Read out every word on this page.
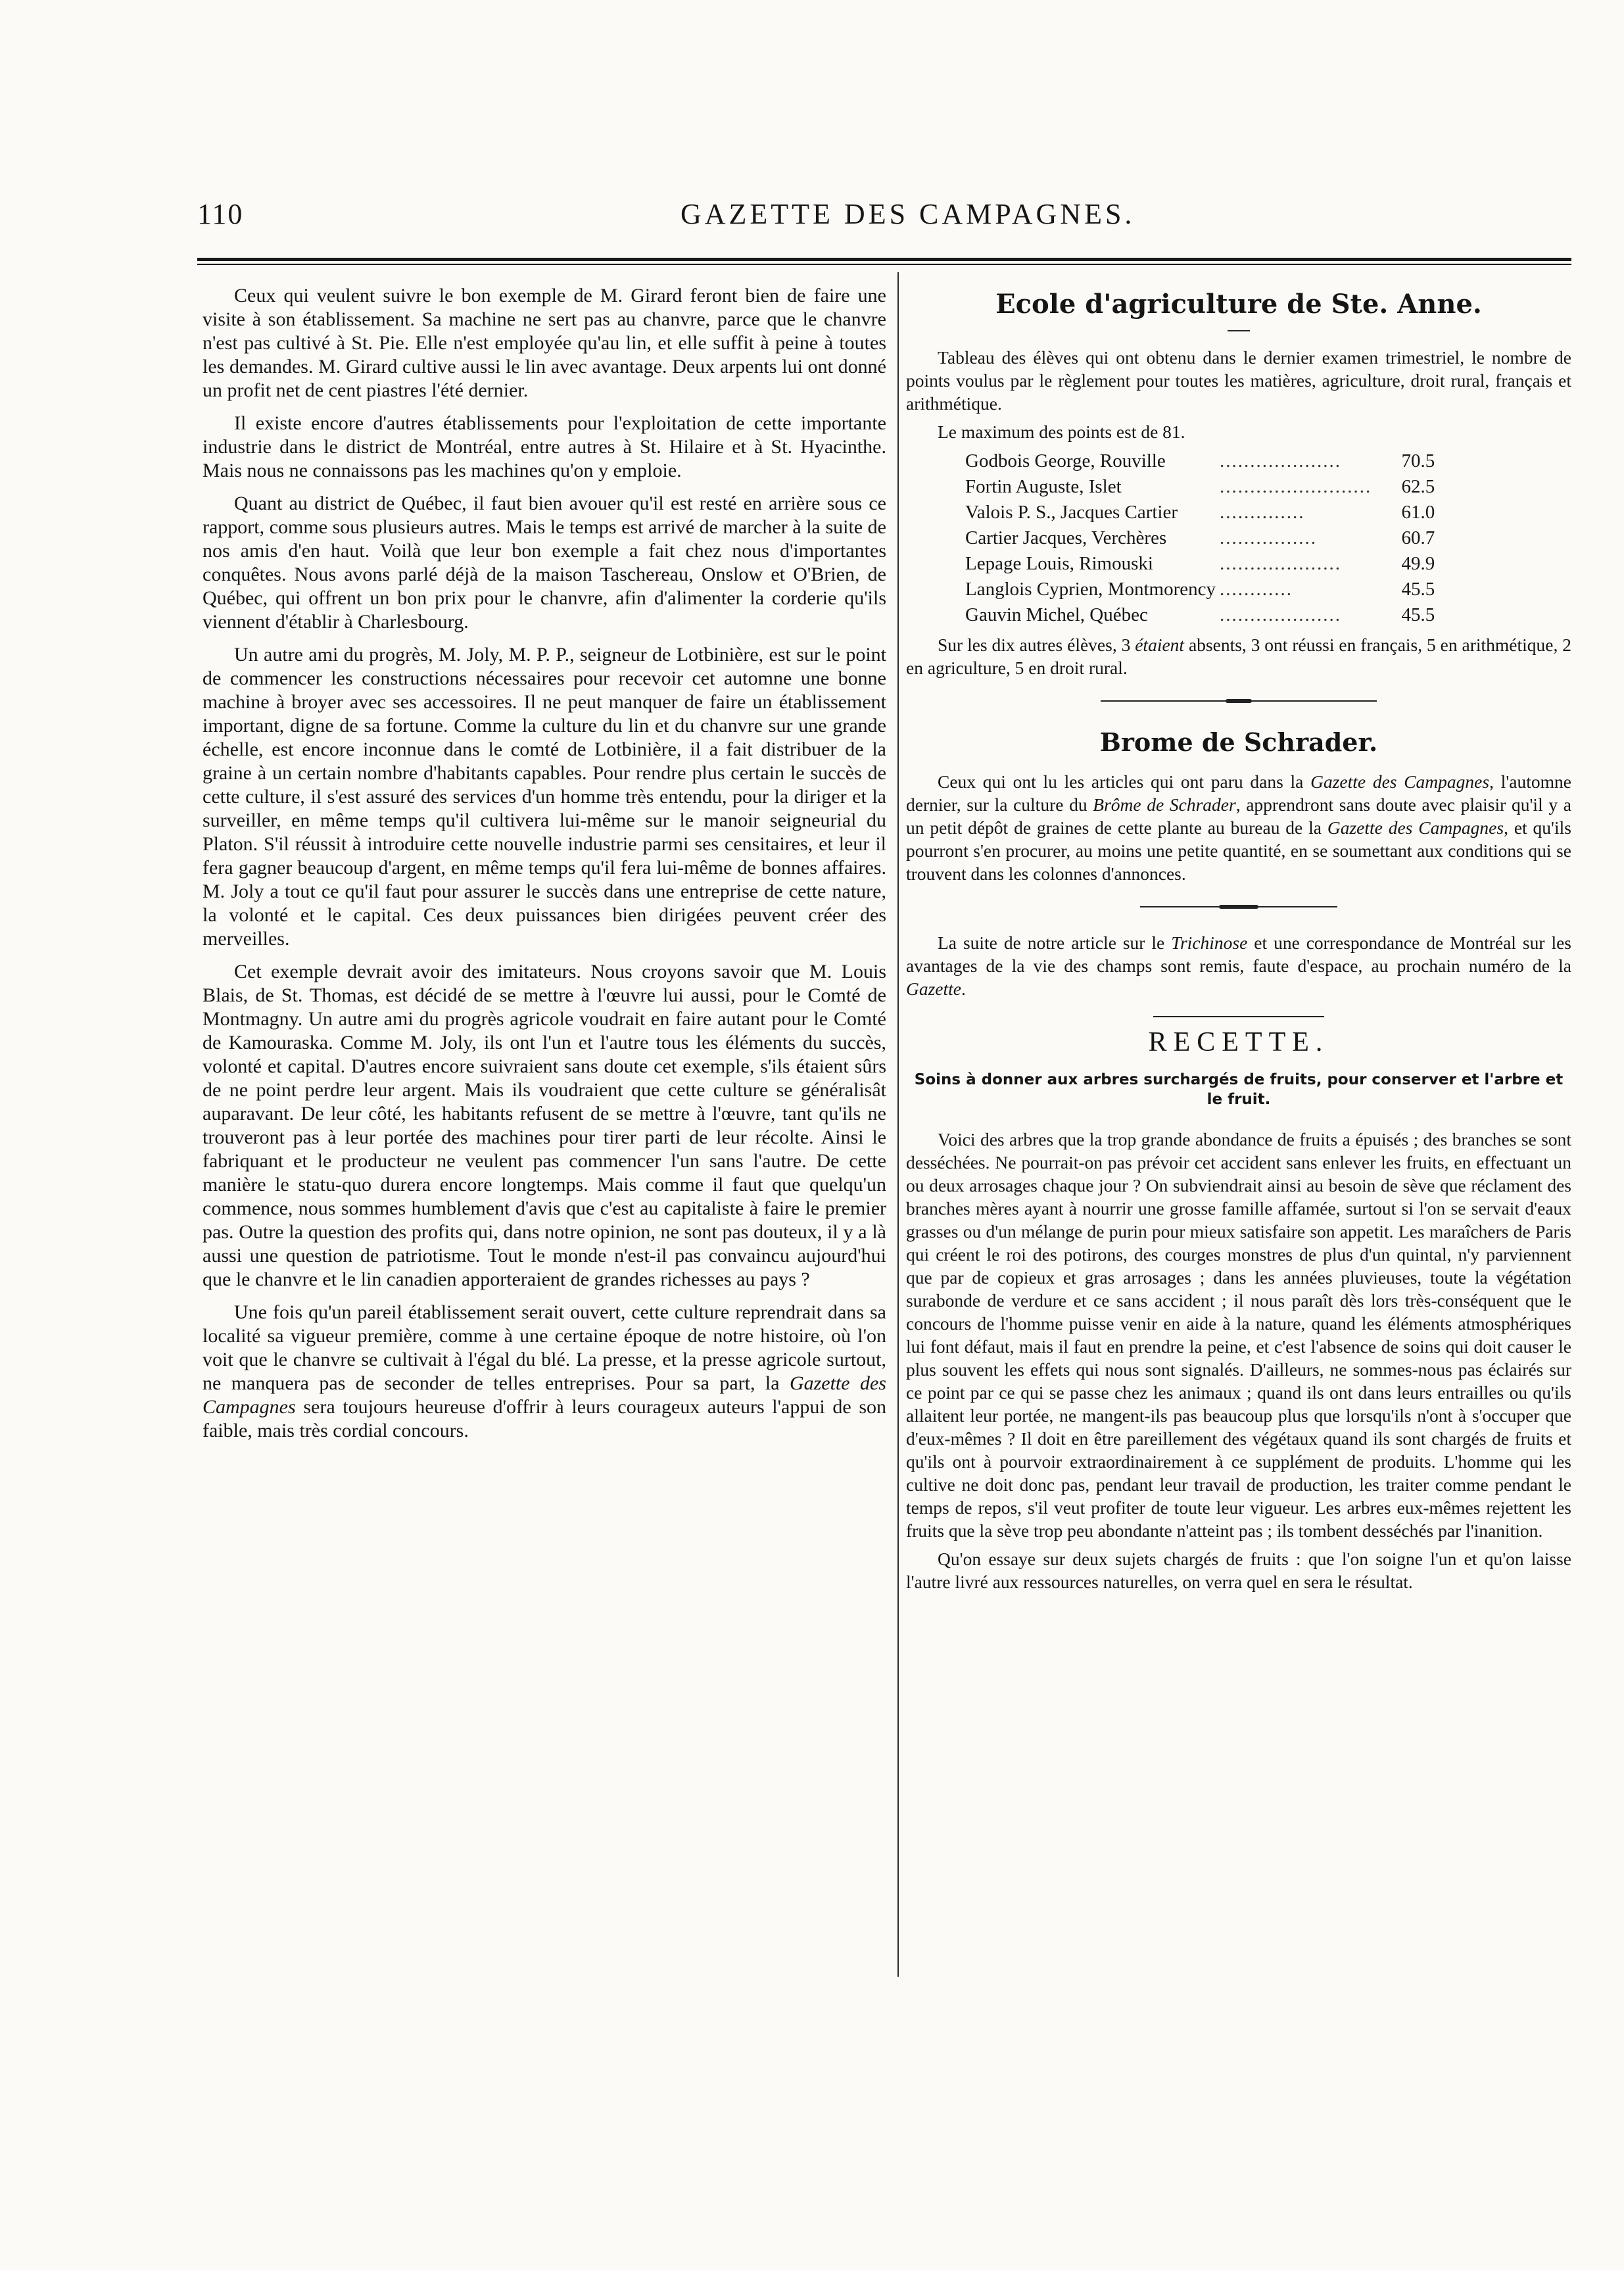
110	GAZETTE DES CAMPAGNES.

Ceux qui veulent suivre le bon exemple de M. Girard feront bien de faire une visite à son établissement. Sa machine ne sert pas au chanvre, parce que le chanvre n'est pas cultivé à St. Pie. Elle n'est employée qu'au lin, et elle suffit à peine à toutes les demandes. M. Girard cultive aussi le lin avec avantage. Deux arpents lui ont donné un profit net de cent piastres l'été dernier.

Il existe encore d'autres établissements pour l'exploitation de cette importante industrie dans le district de Montréal, entre autres à St. Hilaire et à St. Hyacinthe. Mais nous ne connaissons pas les machines qu'on y emploie.

Quant au district de Québec, il faut bien avouer qu'il est resté en arrière sous ce rapport, comme sous plusieurs autres. Mais le temps est arrivé de marcher à la suite de nos amis d'en haut. Voilà que leur bon exemple a fait chez nous d'importantes conquêtes. Nous avons parlé déjà de la maison Taschereau, Onslow et O'Brien, de Québec, qui offrent un bon prix pour le chanvre, afin d'alimenter la corderie qu'ils viennent d'établir à Charlesbourg.

Un autre ami du progrès, M. Joly, M. P. P., seigneur de Lotbinière, est sur le point de commencer les constructions nécessaires pour recevoir cet automne une bonne machine à broyer avec ses accessoires. Il ne peut manquer de faire un établissement important, digne de sa fortune. Comme la culture du lin et du chanvre sur une grande échelle, est encore inconnue dans le comté de Lotbinière, il a fait distribuer de la graine à un certain nombre d'habitants capables. Pour rendre plus certain le succès de cette culture, il s'est assuré des services d'un homme très entendu, pour la diriger et la surveiller, en même temps qu'il cultivera lui-même sur le manoir seigneurial du Platon. S'il réussit à introduire cette nouvelle industrie parmi ses censitaires, et leur il fera gagner beaucoup d'argent, en même temps qu'il fera lui-même de bonnes affaires. M. Joly a tout ce qu'il faut pour assurer le succès dans une entreprise de cette nature, la volonté et le capital. Ces deux puissances bien dirigées peuvent créer des merveilles.

Cet exemple devrait avoir des imitateurs. Nous croyons savoir que M. Louis Blais, de St. Thomas, est décidé de se mettre à l'œuvre lui aussi, pour le Comté de Montmagny. Un autre ami du progrès agricole voudrait en faire autant pour le Comté de Kamouraska. Comme M. Joly, ils ont l'un et l'autre tous les éléments du succès, volonté et capital. D'autres encore suivraient sans doute cet exemple, s'ils étaient sûrs de ne point perdre leur argent. Mais ils voudraient que cette culture se généralisât auparavant. De leur côté, les habitants refusent de se mettre à l'œuvre, tant qu'ils ne trouveront pas à leur portée des machines pour tirer parti de leur récolte. Ainsi le fabriquant et le producteur ne veulent pas commencer l'un sans l'autre. De cette manière le statu-quo durera encore longtemps. Mais comme il faut que quelqu'un commence, nous sommes humblement d'avis que c'est au capitaliste à faire le premier pas. Outre la question des profits qui, dans notre opinion, ne sont pas douteux, il y a là aussi une question de patriotisme. Tout le monde n'est-il pas convaincu aujourd'hui que le chanvre et le lin canadien apporteraient de grandes richesses au pays ?

Une fois qu'un pareil établissement serait ouvert, cette culture reprendrait dans sa localité sa vigueur première, comme à une certaine époque de notre histoire, où l'on voit que le chanvre se cultivait à l'égal du blé. La presse, et la presse agricole surtout, ne manquera pas de seconder de telles entreprises. Pour sa part, la Gazette des Campagnes sera toujours heureuse d'offrir à leurs courageux auteurs l'appui de son faible, mais très cordial concours.

Ecole d'agriculture de Ste. Anne.

Tableau des élèves qui ont obtenu dans le dernier examen trimestriel, le nombre de points voulus par le règlement pour toutes les matières, agriculture, droit rural, français et arithmétique.

Le maximum des points est de 81.

Godbois George, Rouville	....................	70.5
Fortin Auguste, Islet	.........................	62.5
Valois P. S., Jacques Cartier	..............	61.0
Cartier Jacques, Verchères	................	60.7
Lepage Louis, Rimouski	....................	49.9
Langlois Cyprien, Montmorency	............	45.5
Gauvin Michel, Québec	....................	45.5

Sur les dix autres élèves, 3 étaient absents, 3 ont réussi en français, 5 en arithmétique, 2 en agriculture, 5 en droit rural.

Brome de Schrader.

Ceux qui ont lu les articles qui ont paru dans la Gazette des Campagnes, l'automne dernier, sur la culture du Brôme de Schrader, apprendront sans doute avec plaisir qu'il y a un petit dépôt de graines de cette plante au bureau de la Gazette des Campagnes, et qu'ils pourront s'en procurer, au moins une petite quantité, en se soumettant aux conditions qui se trouvent dans les colonnes d'annonces.

La suite de notre article sur le Trichinose et une correspondance de Montréal sur les avantages de la vie des champs sont remis, faute d'espace, au prochain numéro de la Gazette.

RECETTE.
Soins à donner aux arbres surchargés de fruits, pour conserver et l'arbre et le fruit.

Voici des arbres que la trop grande abondance de fruits a épuisés ; des branches se sont desséchées. Ne pourrait-on pas prévoir cet accident sans enlever les fruits, en effectuant un ou deux arrosages chaque jour ? On subviendrait ainsi au besoin de sève que réclament des branches mères ayant à nourrir une grosse famille affamée, surtout si l'on se servait d'eaux grasses ou d'un mélange de purin pour mieux satisfaire son appetit. Les maraîchers de Paris qui créent le roi des potirons, des courges monstres de plus d'un quintal, n'y parviennent que par de copieux et gras arrosages ; dans les années pluvieuses, toute la végétation surabonde de verdure et ce sans accident ; il nous paraît dès lors très-conséquent que le concours de l'homme puisse venir en aide à la nature, quand les éléments atmosphériques lui font défaut, mais il faut en prendre la peine, et c'est l'absence de soins qui doit causer le plus souvent les effets qui nous sont signalés. D'ailleurs, ne sommes-nous pas éclairés sur ce point par ce qui se passe chez les animaux ; quand ils ont dans leurs entrailles ou qu'ils allaitent leur portée, ne mangent-ils pas beaucoup plus que lorsqu'ils n'ont à s'occuper que d'eux-mêmes ? Il doit en être pareillement des végétaux quand ils sont chargés de fruits et qu'ils ont à pourvoir extraordinairement à ce supplément de produits. L'homme qui les cultive ne doit donc pas, pendant leur travail de production, les traiter comme pendant le temps de repos, s'il veut profiter de toute leur vigueur. Les arbres eux-mêmes rejettent les fruits que la sève trop peu abondante n'atteint pas ; ils tombent desséchés par l'inanition.

Qu'on essaye sur deux sujets chargés de fruits : que l'on soigne l'un et qu'on laisse l'autre livré aux ressources naturelles, on verra quel en sera le résultat.
